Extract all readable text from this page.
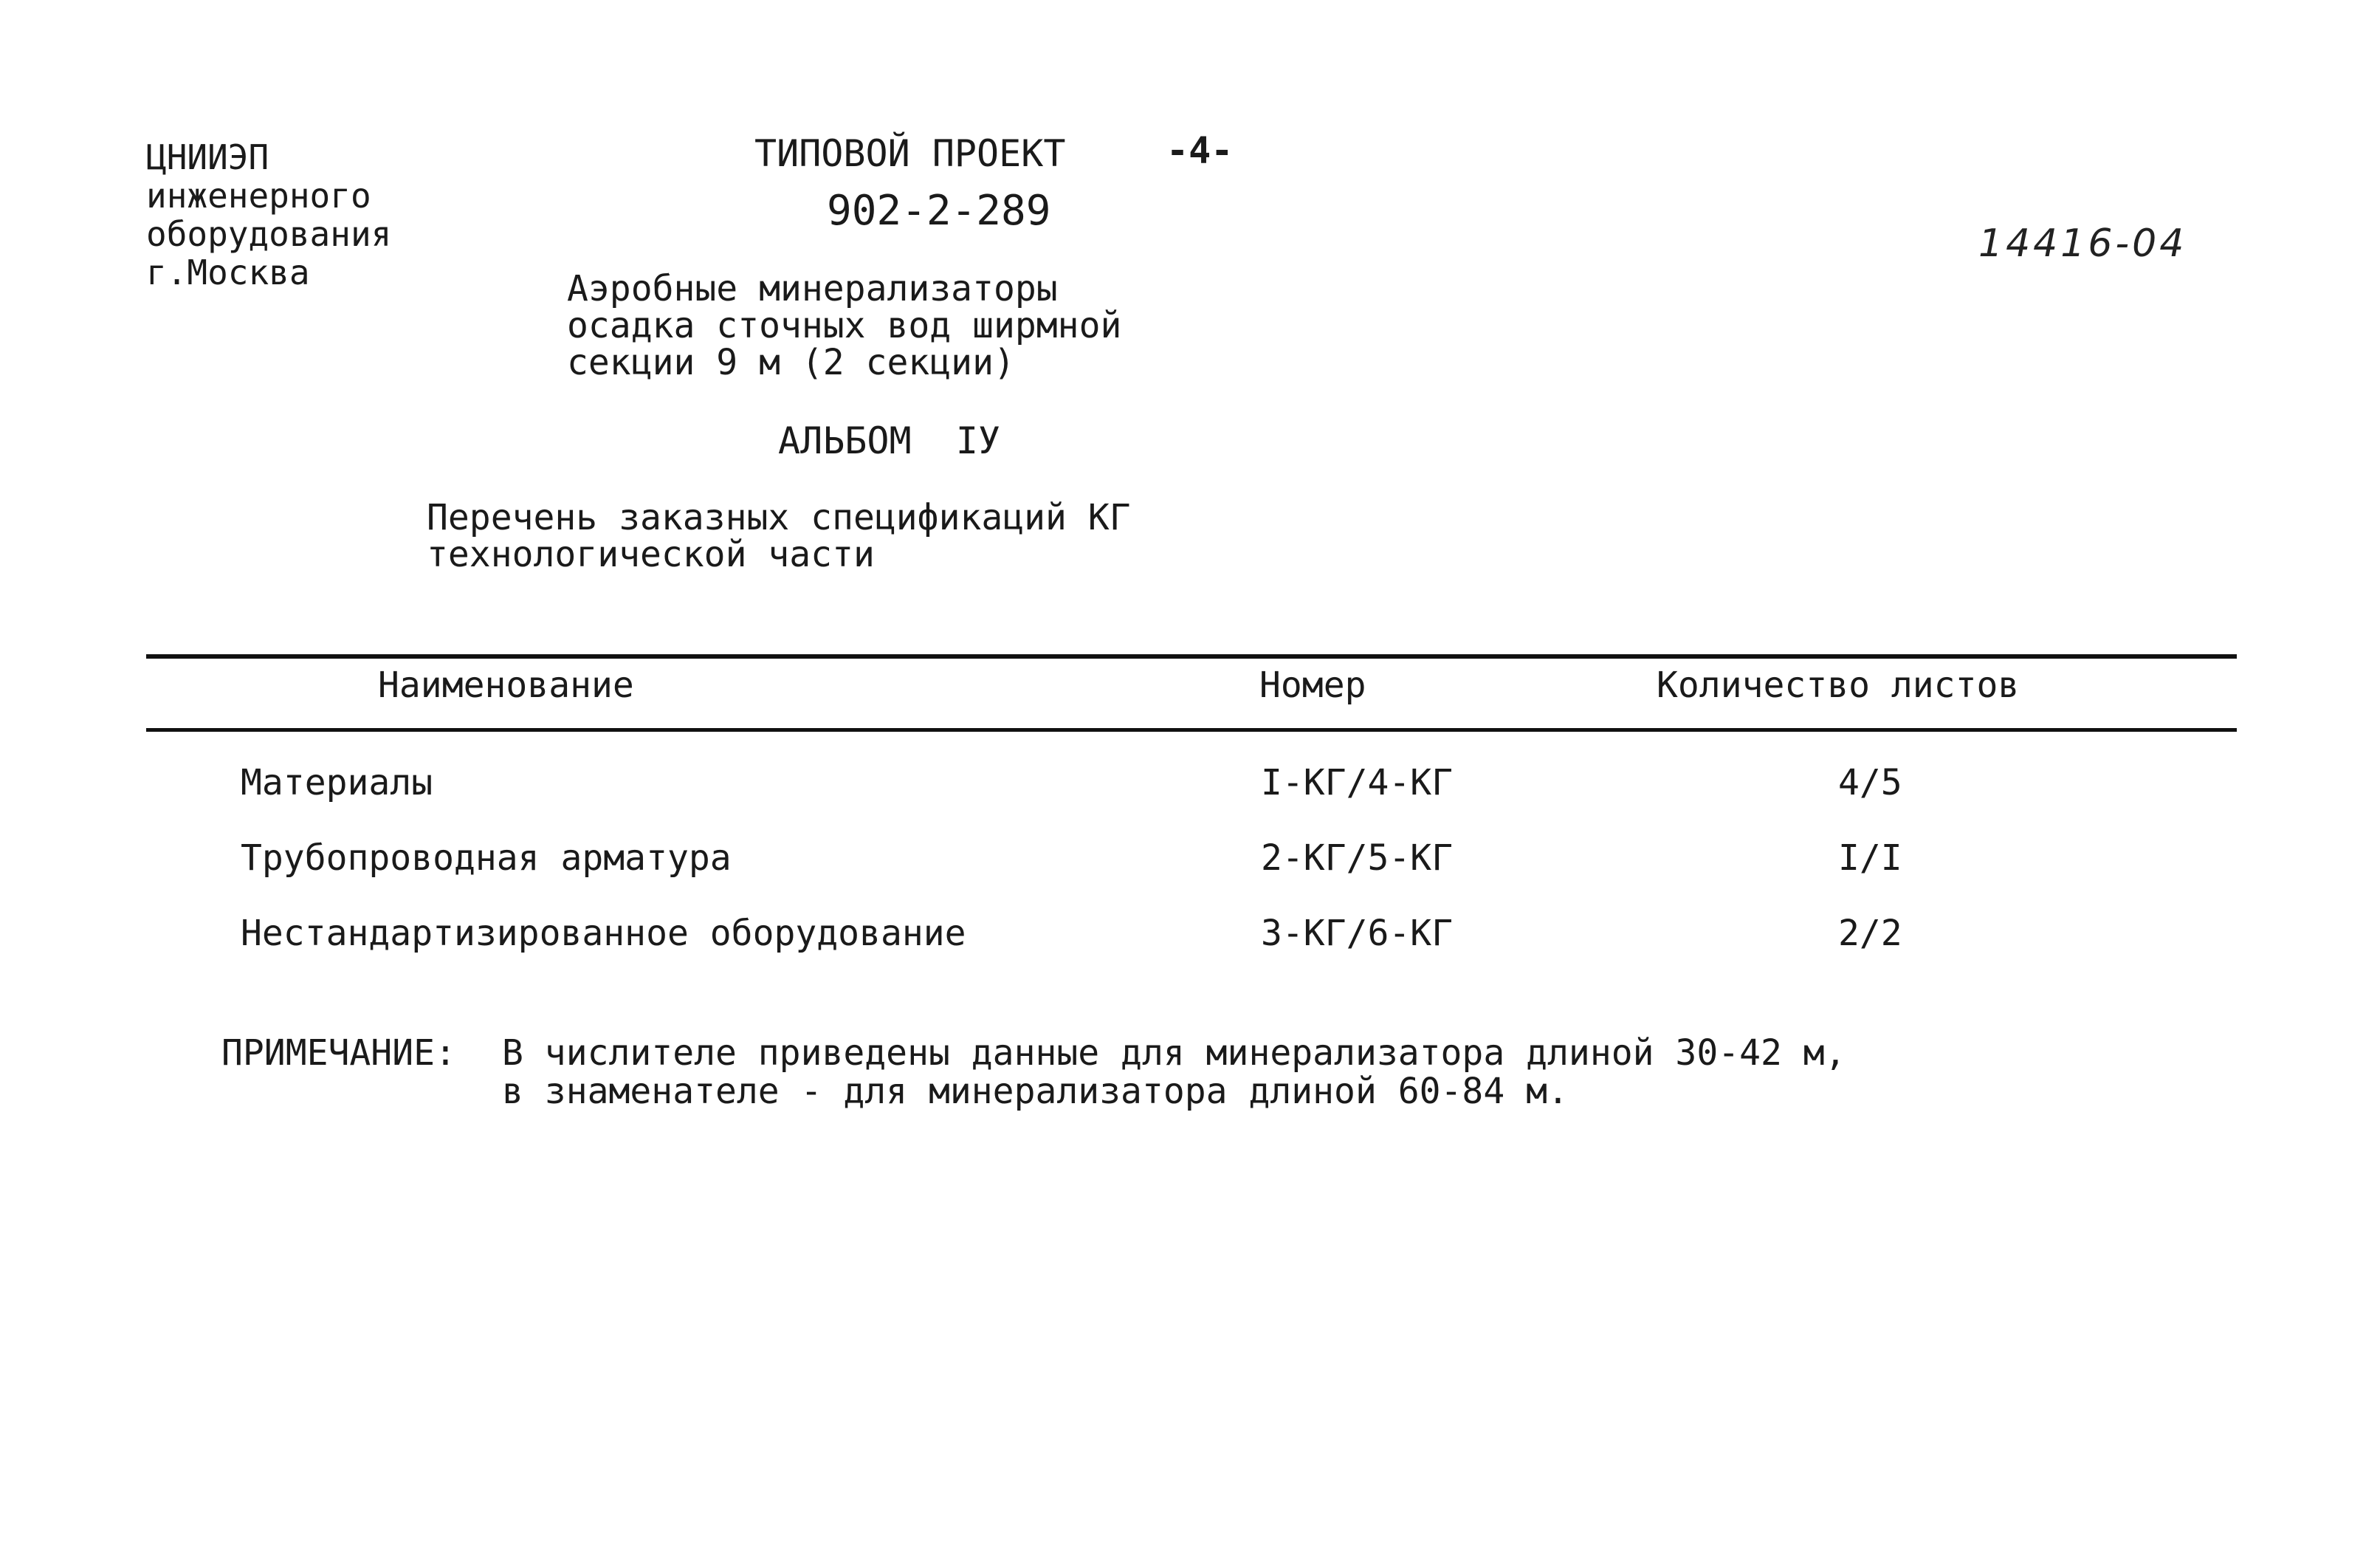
ЦНИИЭП
инженерного
оборудования
г.Москва
ТИПОВОЙ ПРОЕКТ	-4-
902-2-289
14416-04
Аэробные минерализаторы
осадка сточных вод ширмной
секции 9 м (2 секции)
АЛЬБОМ  IУ
Перечень заказных спецификаций КГ
технологической части
Наименование	Номер	Количество листов
Материалы	I-КГ/4-КГ	4/5
Трубопроводная арматура	2-КГ/5-КГ	I/I
Нестандартизированное оборудование	3-КГ/6-КГ	2/2
ПРИМЕЧАНИЕ: В числителе приведены данные для минерализатора длиной 30-42 м,
в знаменателе - для минерализатора длиной 60-84 м.
